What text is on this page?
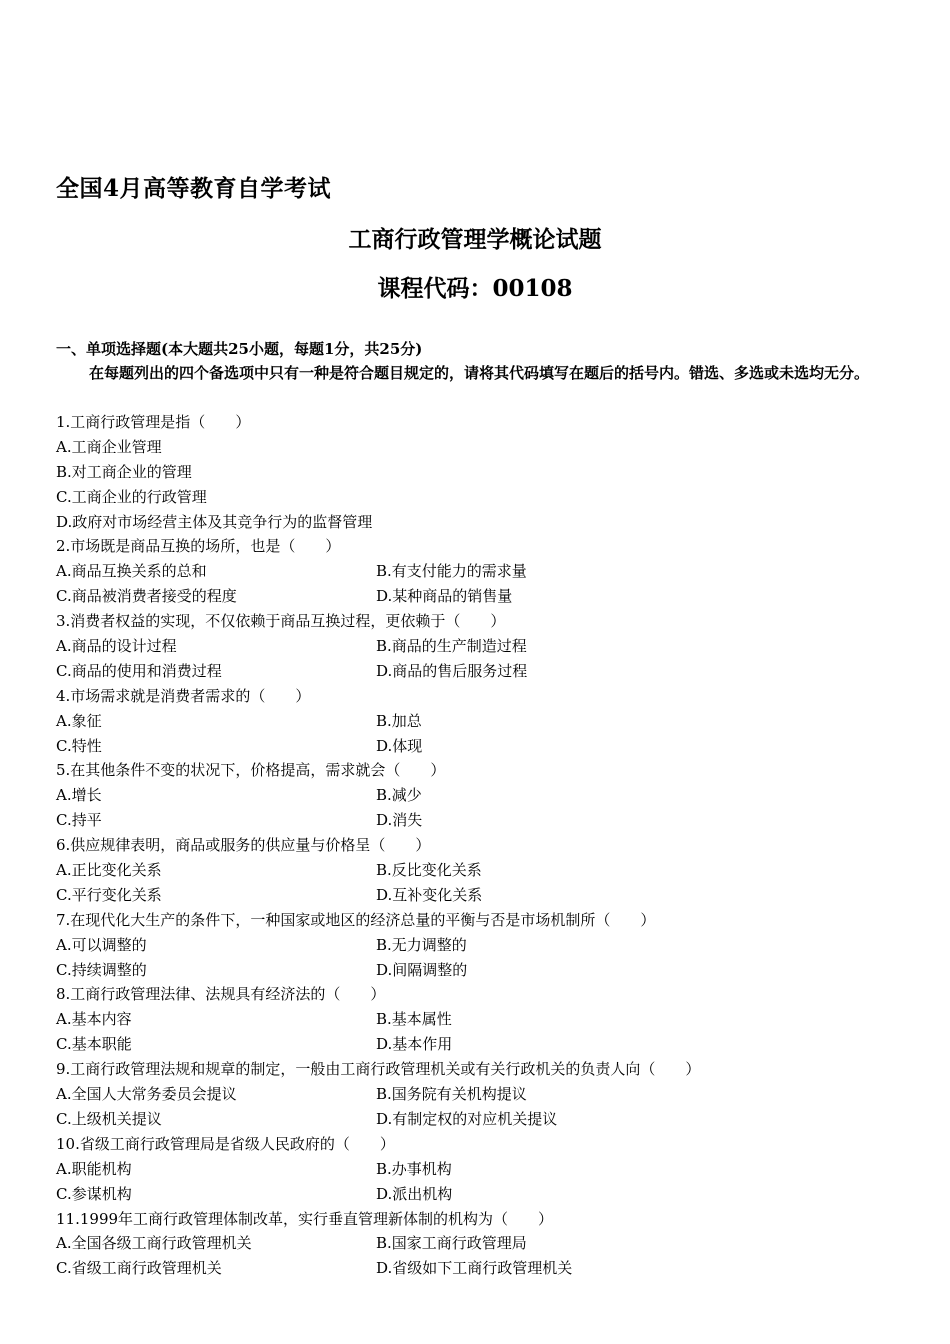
全国4月高等教育自学考试
工商行政管理学概论试题
课程代码：00108
一、单项选择题(本大题共25小题，每题1分，共25分)
在每题列出的四个备选项中只有一种是符合题目规定的，请将其代码填写在题后的括号内。错选、多选或未选均无分。
1.工商行政管理是指（　　）
A.工商企业管理
B.对工商企业的管理
C.工商企业的行政管理
D.政府对市场经营主体及其竞争行为的监督管理
2.市场既是商品互换的场所，也是（　　）
A.商品互换关系的总和	B.有支付能力的需求量
C.商品被消费者接受的程度	D.某种商品的销售量
3.消费者权益的实现，不仅依赖于商品互换过程，更依赖于（　　）
A.商品的设计过程	B.商品的生产制造过程
C.商品的使用和消费过程	D.商品的售后服务过程
4.市场需求就是消费者需求的（　　）
A.象征	B.加总
C.特性	D.体现
5.在其他条件不变的状况下，价格提高，需求就会（　　）
A.增长	B.减少
C.持平	D.消失
6.供应规律表明，商品或服务的供应量与价格呈（　　）
A.正比变化关系	B.反比变化关系
C.平行变化关系	D.互补变化关系
7.在现代化大生产的条件下，一种国家或地区的经济总量的平衡与否是市场机制所（　　）
A.可以调整的	B.无力调整的
C.持续调整的	D.间隔调整的
8.工商行政管理法律、法规具有经济法的（　　）
A.基本内容	B.基本属性
C.基本职能	D.基本作用
9.工商行政管理法规和规章的制定，一般由工商行政管理机关或有关行政机关的负责人向（　　）
A.全国人大常务委员会提议	B.国务院有关机构提议
C.上级机关提议	D.有制定权的对应机关提议
10.省级工商行政管理局是省级人民政府的（　　）
A.职能机构	B.办事机构
C.参谋机构	D.派出机构
11.1999年工商行政管理体制改革，实行垂直管理新体制的机构为（　　）
A.全国各级工商行政管理机关	B.国家工商行政管理局
C.省级工商行政管理机关	D.省级如下工商行政管理机关
